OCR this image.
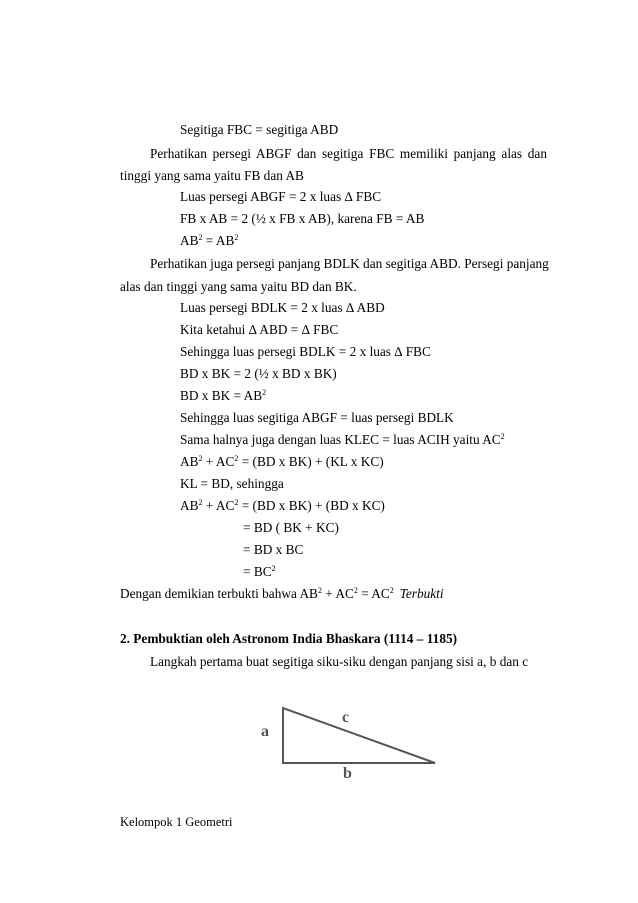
Segitiga FBC = segitiga ABD
Perhatikan persegi ABGF dan segitiga FBC memiliki panjang alas dan
tinggi yang sama yaitu FB dan AB
Luas persegi ABGF = 2 x luas ∆ FBC
FB x AB = 2 (½ x FB x AB), karena FB = AB
$AB^2 = AB^2$
Perhatikan juga persegi panjang BDLK dan segitiga ABD. Persegi panjang
alas dan tinggi yang sama yaitu BD dan BK.
Luas persegi BDLK = 2 x luas ∆ ABD
Kita ketahui ∆ ABD = ∆ FBC
Sehingga luas persegi BDLK = 2 x luas ∆ FBC
BD x BK = 2 (½ x BD x BK)
BD x BK = $AB^2$
Sehingga luas segitiga ABGF = luas persegi BDLK
Sama halnya juga dengan luas KLEC = luas ACIH yaitu $AC^2$
$AB^2 + AC^2 = (BD$ x BK) + (KL x KC)
KL = BD, sehingga
$AB^2 + AC^2 = (BD$ x BK) + (BD x KC)
= BD ( BK + KC)
= BD x BC
= $BC^2$
Dengan demikian terbukti bahwa $AB^2 + AC^2 = AC^2$ Terbukti
2. Pembuktian oleh Astronom India Bhaskara (1114 – 1185)
Langkah pertama buat segitiga siku-siku dengan panjang sisi a, b dan c
a
c
b
Kelompok 1 Geometri
